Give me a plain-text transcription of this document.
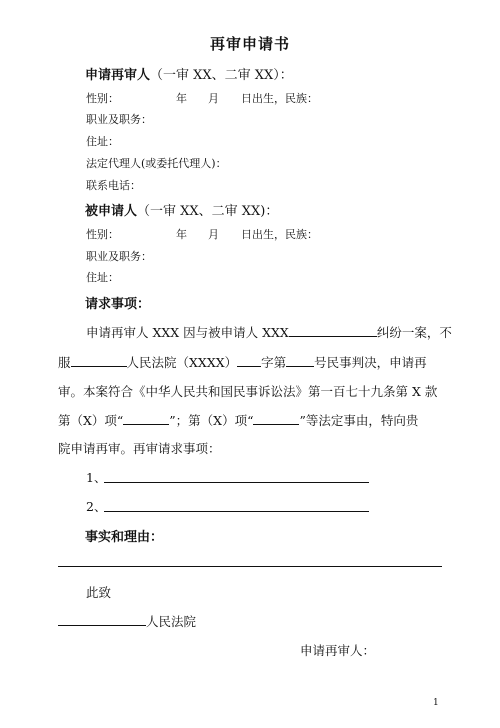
再审申请书
申请再审人（一审 XX、二审 XX）：
性别：	年 月 日出生，民族：
职业及职务：
住址：
法定代理人(或委托代理人)：
联系电话：
被申请人（一审 XX、二审 XX)：
性别：	年 月 日出生，民族：
职业及职务：
住址：
请求事项：
申请再审人 XXX 因与被申请人 XXX	纠纷一案，不
服	人民法院（XXXX） 字第 号民事判决，申请再
审。本案符合《中华人民共和国民事诉讼法》第一百七十九条第 X 款
第（X）项“	”；第（X）项“	”等法定事由，特向贵
院申请再审。再审请求事项：
1、
2、
事实和理由：
此致
人民法院
申请再审人：
1
